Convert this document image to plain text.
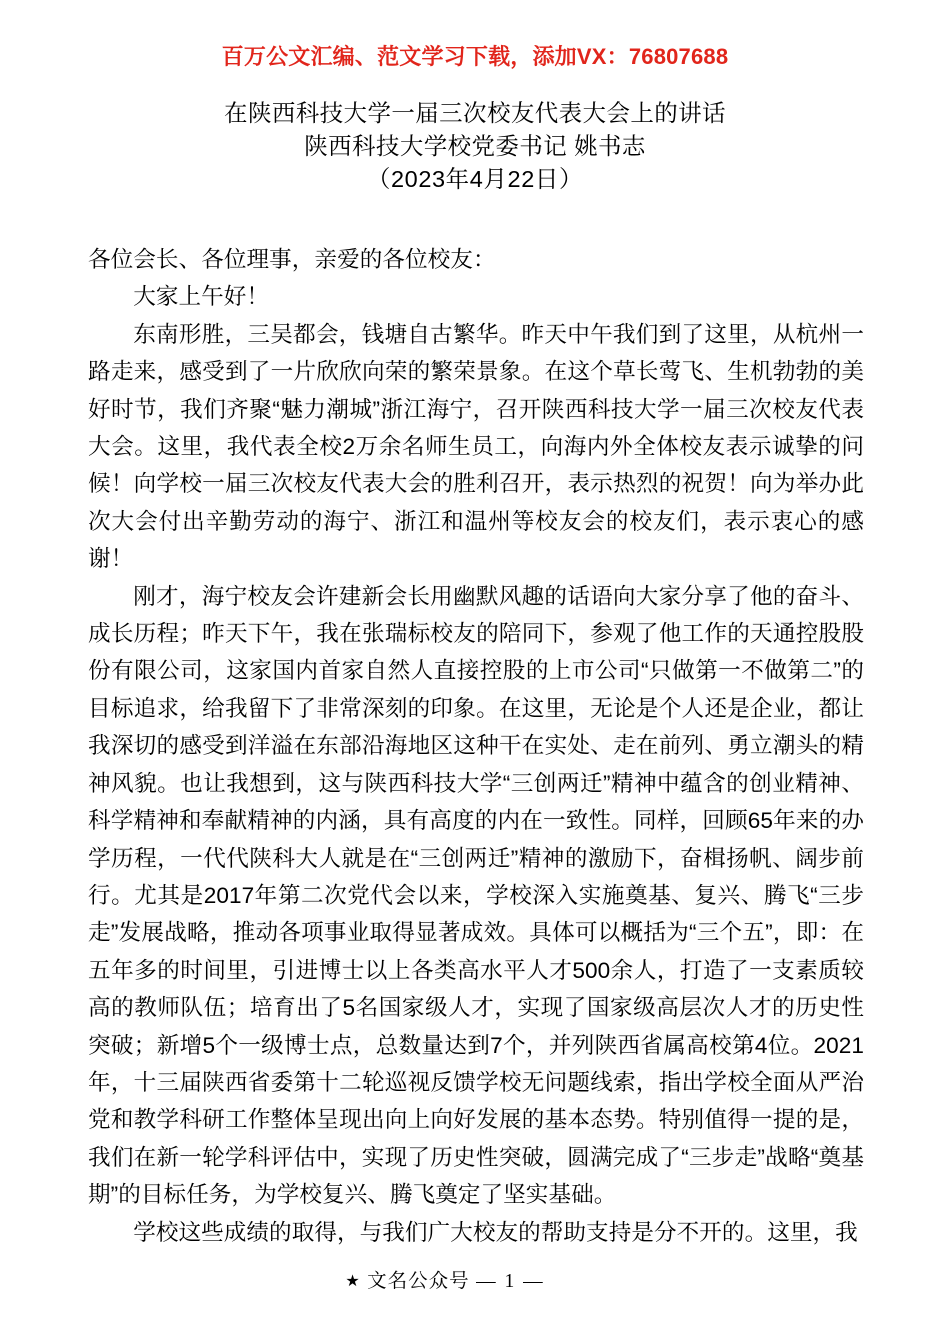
百万公文汇编、范文学习下载，添加VX：76807688
在陕西科技大学一届三次校友代表大会上的讲话
陕西科技大学校党委书记 姚书志
（2023年4月22日）

各位会长、各位理事，亲爱的各位校友：

大家上午好！

东南形胜，三吴都会，钱塘自古繁华。昨天中午我们到了这里，从杭州一路走来，感受到了一片欣欣向荣的繁荣景象。在这个草长莺飞、生机勃勃的美好时节，我们齐聚“魅力潮城”浙江海宁，召开陕西科技大学一届三次校友代表大会。这里，我代表全校2万余名师生员工，向海内外全体校友表示诚挚的问候！向学校一届三次校友代表大会的胜利召开，表示热烈的祝贺！向为举办此次大会付出辛勤劳动的海宁、浙江和温州等校友会的校友们，表示衷心的感谢！

刚才，海宁校友会许建新会长用幽默风趣的话语向大家分享了他的奋斗、成长历程；昨天下午，我在张瑞标校友的陪同下，参观了他工作的天通控股股份有限公司，这家国内首家自然人直接控股的上市公司“只做第一不做第二”的目标追求，给我留下了非常深刻的印象。在这里，无论是个人还是企业，都让我深切的感受到洋溢在东部沿海地区这种干在实处、走在前列、勇立潮头的精神风貌。也让我想到，这与陕西科技大学“三创两迁”精神中蕴含的创业精神、科学精神和奉献精神的内涵，具有高度的内在一致性。同样，回顾65年来的办学历程，一代代陕科大人就是在“三创两迁”精神的激励下，奋楫扬帆、阔步前行。尤其是2017年第二次党代会以来，学校深入实施奠基、复兴、腾飞“三步走”发展战略，推动各项事业取得显著成效。具体可以概括为“三个五”，即：在五年多的时间里，引进博士以上各类高水平人才500余人，打造了一支素质较高的教师队伍；培育出了5名国家级人才，实现了国家级高层次人才的历史性突破；新增5个一级博士点，总数量达到7个，并列陕西省属高校第4位。2021年，十三届陕西省委第十二轮巡视反馈学校无问题线索，指出学校全面从严治党和教学科研工作整体呈现出向上向好发展的基本态势。特别值得一提的是，我们在新一轮学科评估中，实现了历史性突破，圆满完成了“三步走”战略“奠基期”的目标任务，为学校复兴、腾飞奠定了坚实基础。

学校这些成绩的取得，与我们广大校友的帮助支持是分不开的。这里，我

★ 文名公众号 — 1 —
